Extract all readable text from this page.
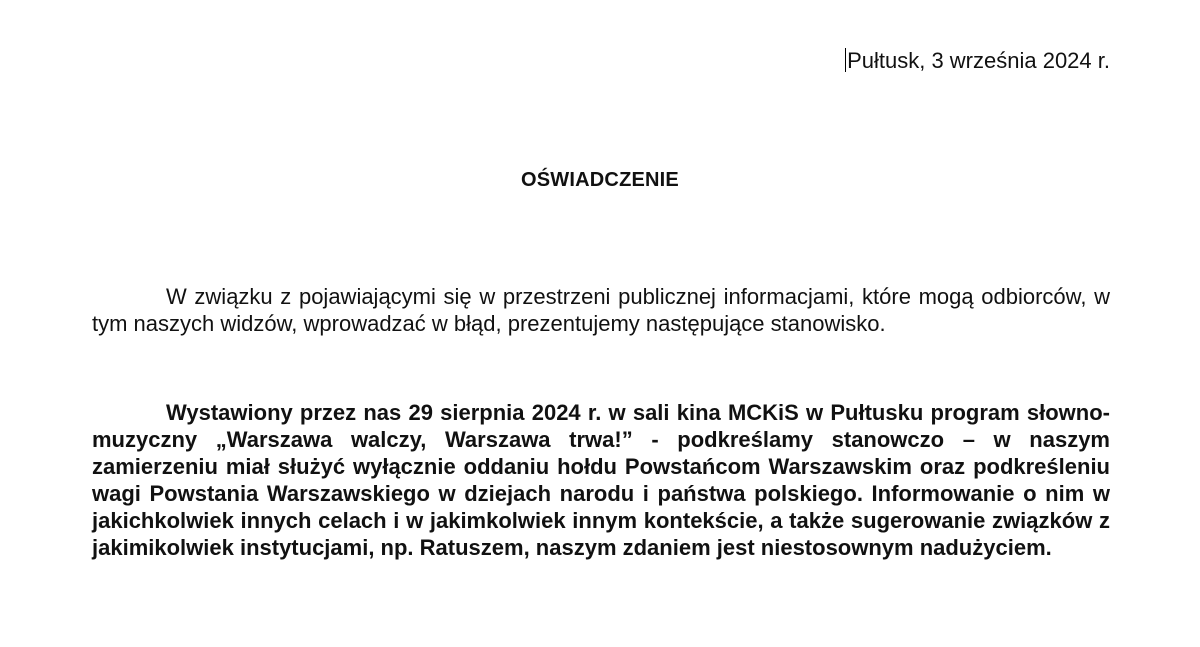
Pułtusk, 3 września 2024 r.
OŚWIADCZENIE

W związku z pojawiającymi się w przestrzeni publicznej informacjami, które mogą odbiorców, w tym naszych widzów, wprowadzać w błąd, prezentujemy następujące stanowisko.

Wystawiony przez nas 29 sierpnia 2024 r. w sali kina MCKiS w Pułtusku program słowno-muzyczny „Warszawa walczy, Warszawa trwa!” - podkreślamy stanowczo – w naszym zamierzeniu miał służyć wyłącznie oddaniu hołdu Powstańcom Warszawskim oraz podkreśleniu wagi Powstania Warszawskiego w dziejach narodu i państwa polskiego. Informowanie o nim w jakichkolwiek innych celach i w jakimkolwiek innym kontekście, a także sugerowanie związków z jakimikolwiek instytucjami, np. Ratuszem, naszym zdaniem jest niestosownym nadużyciem.
